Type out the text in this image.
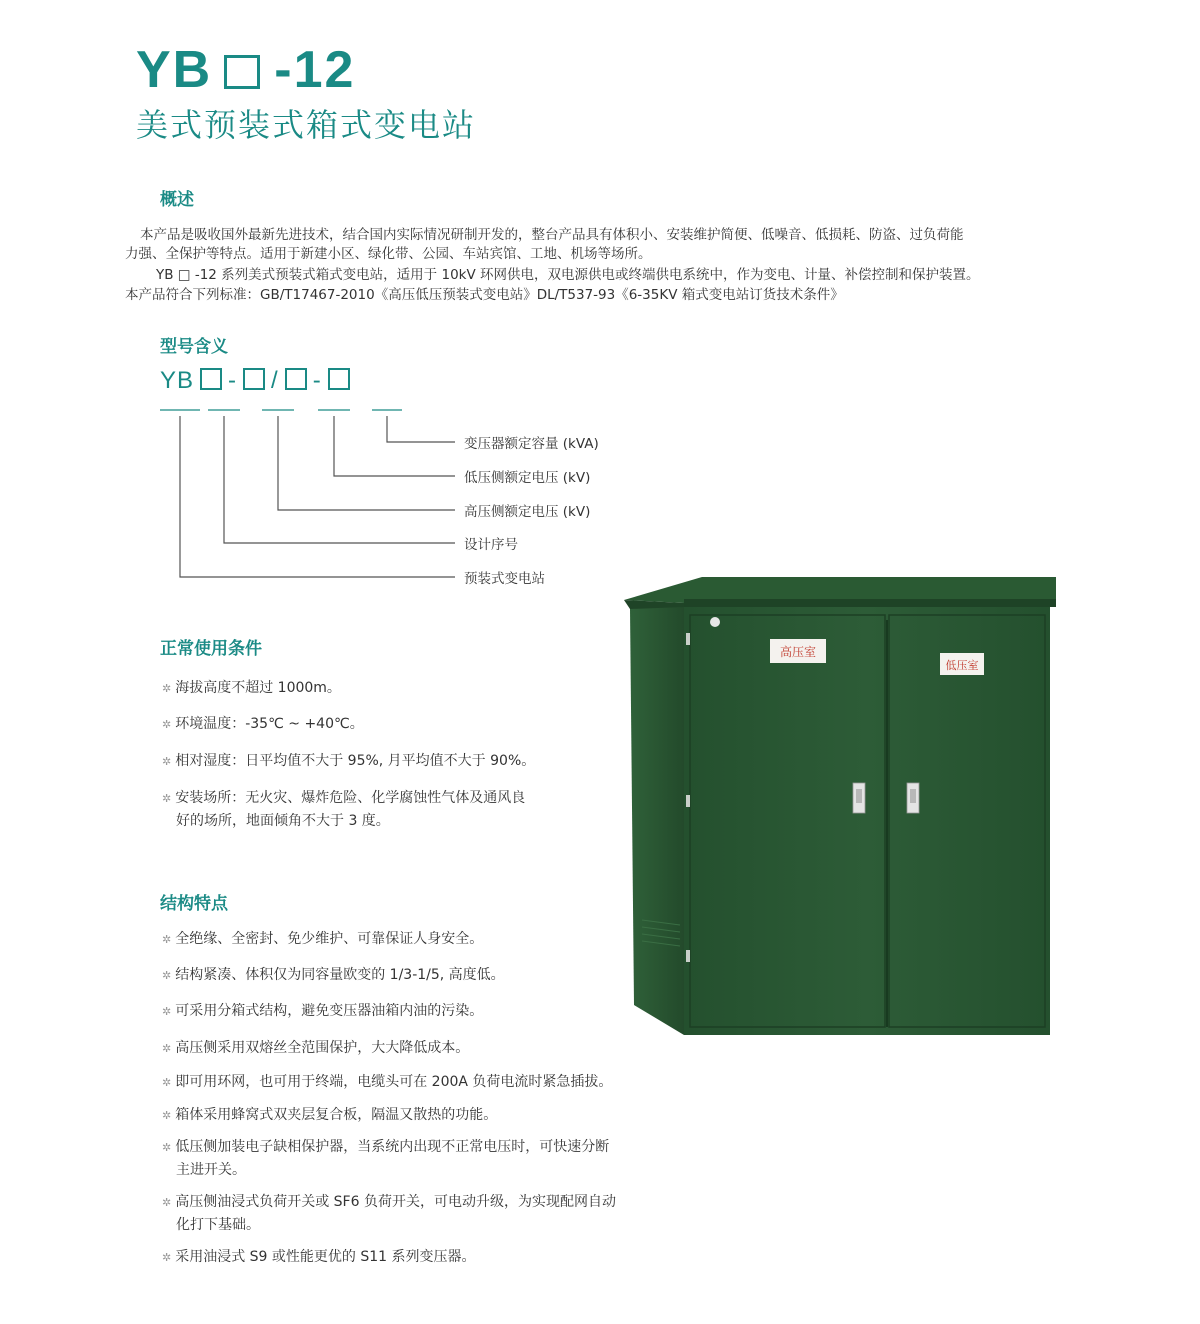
YB -12
美式预装式箱式变电站
概述
本产品是吸收国外最新先进技术，结合国内实际情况研制开发的，整台产品具有体积小、安装维护简便、低噪音、低损耗、防盗、过负荷能
力强、全保护等特点。适用于新建小区、绿化带、公园、车站宾馆、工地、机场等场所。
YB □ -12 系列美式预装式箱式变电站，适用于 10kV 环网供电，双电源供电或终端供电系统中，作为变电、计量、补偿控制和保护装置。
本产品符合下列标准：GB/T17467-2010《高压低压预装式变电站》DL/T537-93《6-35KV 箱式变电站订货技术条件》
型号含义
YB - / -
变压器额定容量 (kVA)
低压侧额定电压 (kV)
高压侧额定电压 (kV)
设计序号
预装式变电站
正常使用条件
✲ 海拔高度不超过 1000m。
✲ 环境温度：-35℃ ~ +40℃。
✲ 相对湿度：日平均值不大于 95%, 月平均值不大于 90%。
✲ 安装场所：无火灾、爆炸危险、化学腐蚀性气体及通风良
好的场所，地面倾角不大于 3 度。
结构特点
✲ 全绝缘、全密封、免少维护、可靠保证人身安全。
✲ 结构紧凑、体积仅为同容量欧变的 1/3-1/5, 高度低。
✲ 可采用分箱式结构，避免变压器油箱内油的污染。
✲ 高压侧采用双熔丝全范围保护，大大降低成本。
✲ 即可用环网，也可用于终端，电缆头可在 200A 负荷电流时紧急插拔。
✲ 箱体采用蜂窝式双夹层复合板，隔温又散热的功能。
✲ 低压侧加装电子缺相保护器，当系统内出现不正常电压时，可快速分断
主进开关。
✲ 高压侧油浸式负荷开关或 SF6 负荷开关，可电动升级，为实现配网自动
化打下基础。
✲ 采用油浸式 S9 或性能更优的 S11 系列变压器。
高压室
低压室
